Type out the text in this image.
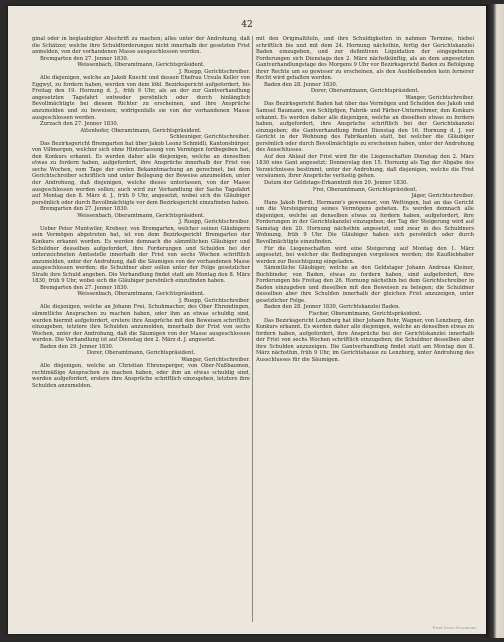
42

ginal oder in beglaubigter Abschrift zu machen; alles unter der Androhung, daß die Schätzer, welche ihre Schuldforderungen nicht innerhalb der gesetzten Frist anmelden, von der vorhandenen Masse ausgeschlossen werden.

Bremgarten den 27. Jenner 1830.

Weissenbach, Oberamtmann, Gerichtspräsident.

J. Ruepp, Gerichtschreiber.

Alle diejenigen, welche an Jakob Knecht und dessen Ehefrau Ursula Keller von Eggwyl, zu fordern haben, werden von dem löbl. Bezirksgericht aufgefordert, bis Freitag den 19. Hornung d. J., früh 9 Uhr, als an der zur Gantverhandlung angesetzten Tagsfahrt entweder persönlich oder durch hinlänglich Bevollmächtigte bei diesem Richter zu erscheinen, und ihre Ansprüche anzumelden und zu beweisen; widrigenfalls sie von der vorhandenen Masse ausgeschlossen werden.

Zurzach den 27. Jenner 1830.

Attenhofer, Oberamtmann, Gerichtspräsident.

Schleuniger, Gerichtschreiber.

Das Bezirksgericht Bremgarten hat über Jakob Leonz Schmidli, Kantonsbürger, von Villmergen, welcher sich ohne Hinterlassung von Vermögen fortbegeben hat, den Konkurs erkannt. Es werden daher alle diejenigen, welche an denselben etwas zu fordern haben, aufgefordert, ihre Ansprüche innerhalb der Frist von sechs Wochen, vom Tage der ersten Bekanntmachung an gerechnet, bei dem Gerichtschreiber schriftlich und unter Beilegung der Beweise anzumelden, unter der Androhung, daß diejenigen, welche dieses unterlassen, von der Masse ausgeschlossen werden sollen; auch wird zur Verhandlung der Sache Tagsfahrt auf Montag den 8. März d. J., früh 9 Uhr, angesetzt, wobei sich die Gläubiger persönlich oder durch Bevollmächtigte vor dem Bezirksgericht einzufinden haben.

Bremgarten den 27. Jenner 1830.

Weissenbach, Oberamtmann, Gerichtspräsident.

J. Ruepp, Gerichtschreiber.

Ueber Peter Muntwiler, Krebser, von Bremgarten, welcher seinen Gläubigern sein Vermögen abgetreten hat, ist von dem Bezirksgericht Bremgarten der Konkurs erkannt worden. Es werden demnach die sämmtlichen Gläubiger und Schuldner desselben aufgefordert, ihre Forderungen und Schulden bei der unterzeichneten Amtsstelle innerhalb der Frist von sechs Wochen schriftlich anzumelden, unter der Androhung, daß die Säumigen von der vorhandenen Masse ausgeschlossen werden; die Schuldner aber sollen unter der Folge gesetzlicher Strafe ihre Schuld angeben. Die Verhandlung findet statt am Montag den 8. März 1830, früh 9 Uhr, wobei sich die Gläubiger persönlich einzufinden haben.

Bremgarten den 27. Jenner 1830.

Weissenbach, Oberamtmann, Gerichtspräsident.

J. Ruepp, Gerichtschreiber.

Alle diejenigen, welche an Johann Frei, Schuhmacher, des Ober Ehrendingen, sämmtliche Ansprachen zu machen haben, oder ihm an etwas schuldig sind, werden hiermit aufgefordert, erstere ihre Ansprüche mit den Beweisen schriftlich einzugeben, letztere ihre Schulden anzumelden, innerhalb der Frist von sechs Wochen, unter der Androhung, daß die Säumigen von der Masse ausgeschlossen werden. Die Verhandlung ist auf Dienstag den 2. März d. J. angesetzt.

Baden den 29. Jenner 1830.

Dorer, Oberamtmann, Gerichtspräsident.

Wanger, Gerichtschreiber.

Alle diejenigen, welche an Christian Ehrensperger, von Ober-Nußbaumen, rechtmäßige Ansprachen zu machen haben, oder ihm an etwas schuldig sind, werden aufgefordert, erstere ihre Ansprüche schriftlich einzugeben, letztere ihre Schulden anzumelden.

mit den Originaltiteln, und ihre Schuldigkeiten in nahmen Termine, hiebei schriftlich bis und mit dem 24. Hornung nächsthin, fertig der Gerichtskanzlei Baden einzugeben, und zur definitiven Liquidation der eingegebenen Forderungen sich Dienstags den 2. März nächstkünftig, als an dem angesetzten Gantverhandlungstage des Morgens 9 Uhr vor Bezirksgericht Baden zu Befolgung ihrer Rechte um so gewisser zu erscheinen, als den Ausbleibenden kein fernerer Recht wird gehalten werden.

Baden den 28. Jenner 1830.

Dorer, Oberamtmann, Gerichtspräsident.

Wanger, Gerichtschreiber.

Das Bezirksgericht Baden hat über das Vermögen und Schulden des Jakob und Samuel Baumann, von Schlipfgen, Fabrik- und Färber-Unternehmer, den Konkurs erkannt. Es werden daher alle diejenigen, welche an dieselben etwas zu fordern haben, aufgefordert, ihre Ansprüche schriftlich bei der Gerichtskanzlei einzugeben; die Gantverhandlung findet Dienstag den 16. Hornung d. J. vor Gericht in der Wohnung des Fabrikanten statt, bei welcher die Gläubiger persönlich oder durch Bevollmächtigte zu erscheinen haben, unter der Androhung des Ausschlusses.

Auf den Ablauf der Frist wird für die Liegenschaften Dienstag den 2. März 1830 eine Gant angesetzt; Donnerstag den 15. Hornung als Tag der Abgabe des Verzeichnisses bestimmt, unter der Androhung, daß diejenigen, welche die Frist versäumen, ihrer Ansprüche verlustig gehen.

Datum der Geldstags-Erkanntniß den 29. Jenner 1830.

Frei, Oberamtmann, Gerichtspräsident.

Jäger, Gerichtschreiber.

Hans Jakob Herdi, Hermann's gewesener, von Wettingen, hat an das Gericht um die Versteigerung seines Vermögens gebeten. Es werden demnach alle diejenigen, welche an denselben etwas zu fordern haben, aufgefordert, ihre Forderungen in der Gerichtskanzlei einzugeben; der Tag der Steigerung wird auf Samstag den 20. Hornung nächsthin angesetzt, und zwar in des Schuldners Wohnung, früh 9 Uhr. Die Gläubiger haben sich persönlich oder durch Bevollmächtigte einzufinden.

Für die Liegenschaften wird eine Steigerung auf Montag den 1. März angesetzt, bei welcher die Bedingungen vorgelesen werden; die Kaufliebhaber werden zur Besichtigung eingeladen.

Sämmtliche Gläubiger, welche an den Geldstager Johann Andreas Kleiner, Buchbinder, von Baden, etwas zu fordern haben, sind aufgefordert, ihre Forderungen bis Freitag den 26. Hornung nächsthin bei dem Gerichtschreiber in Baden einzugeben und dieselben mit den Beweisen zu belegen; die Schuldner desselben aber ihre Schulden innerhalb der gleichen Frist anzuzeigen, unter gesetzlicher Folge.

Baden den 28. Jenner 1830, Gerichtskanzlei Baden.

Fischer, Oberamtmann, Gerichtspräsident.

Das Bezirksgericht Lenzburg hat über Johann Rohr, Wagner, von Lenzburg, den Konkurs erkannt. Es werden daher alle diejenigen, welche an denselben etwas zu fordern haben, aufgefordert, ihre Ansprüche bei der Gerichtskanzlei innerhalb der Frist von sechs Wochen schriftlich einzugeben; die Schuldner desselben aber ihre Schulden anzuzeigen. Die Gantverhandlung findet statt am Montag den 8. März nächsthin, früh 9 Uhr, im Gerichtshause zu Lenzburg, unter Androhung des Ausschlusses für die Säumigen.

Print Scan Document
